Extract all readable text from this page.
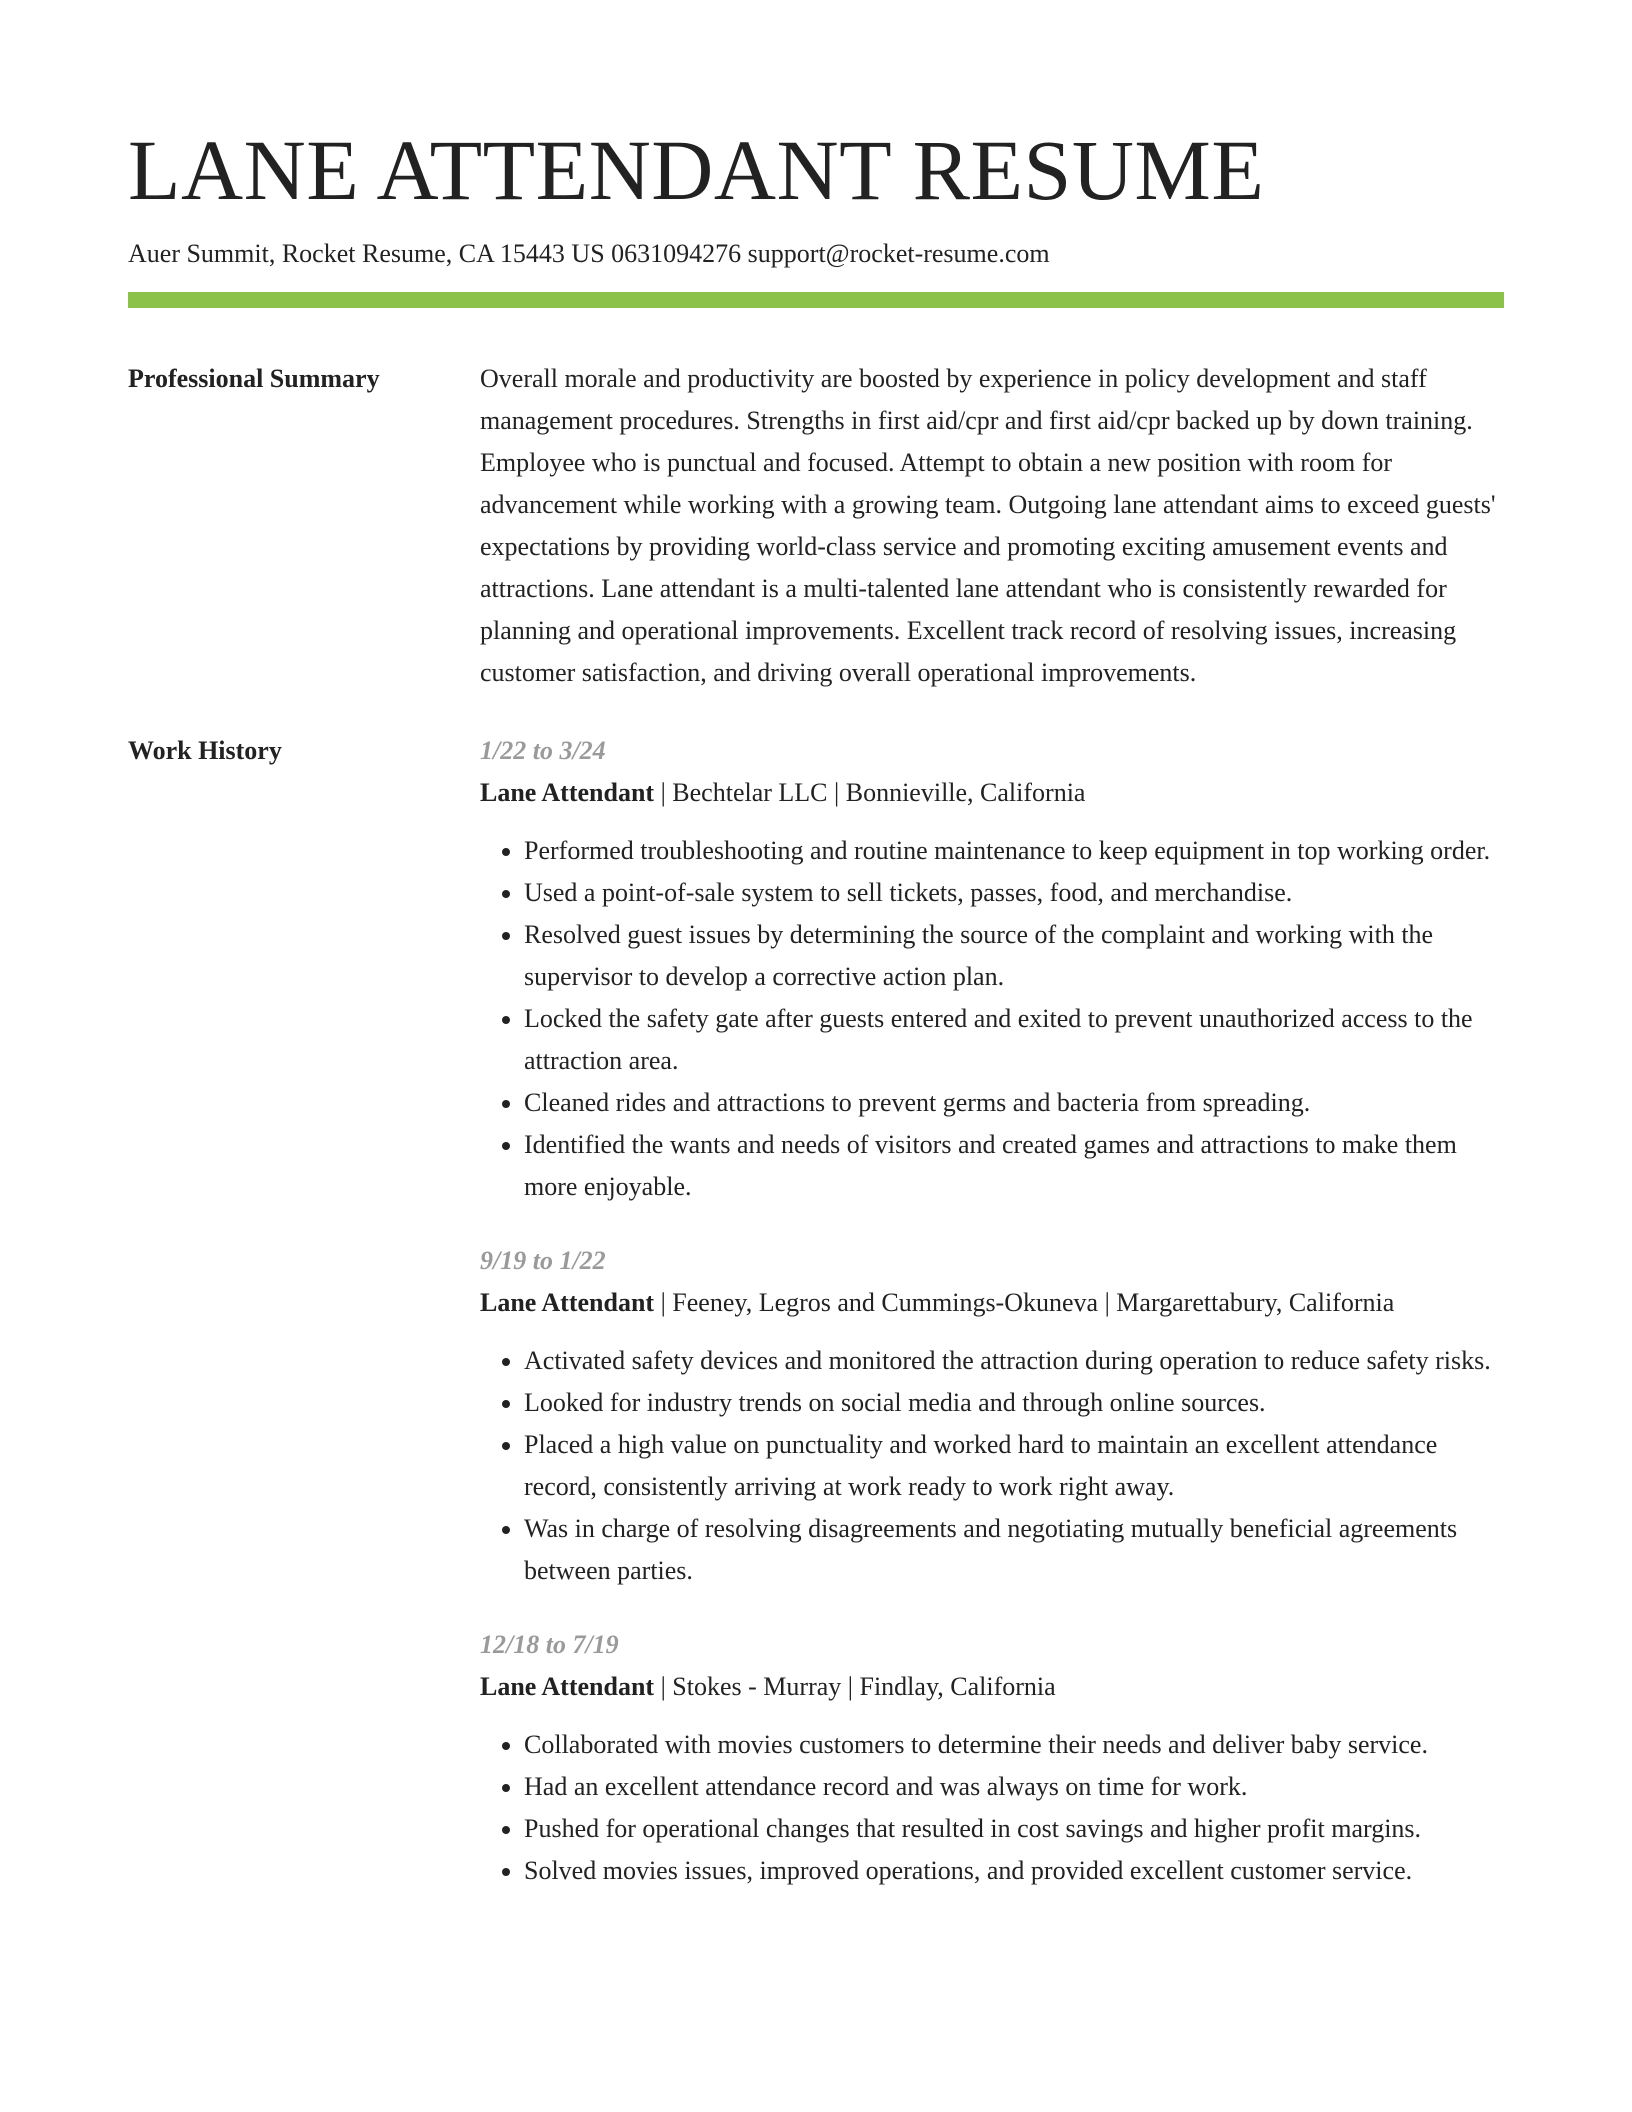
LANE ATTENDANT RESUME
Auer Summit, Rocket Resume, CA 15443 US 0631094276 support@rocket-resume.com
Professional Summary	Overall morale and productivity are boosted by experience in policy development and staff management procedures. Strengths in first aid/cpr and first aid/cpr backed up by down training. Employee who is punctual and focused. Attempt to obtain a new position with room for advancement while working with a growing team. Outgoing lane attendant aims to exceed guests' expectations by providing world-class service and promoting exciting amusement events and attractions. Lane attendant is a multi-talented lane attendant who is consistently rewarded for planning and operational improvements. Excellent track record of resolving issues, increasing customer satisfaction, and driving overall operational improvements.

Work History	1/22 to 3/24
Lane Attendant | Bechtelar LLC | Bonnieville, California
• Performed troubleshooting and routine maintenance to keep equipment in top working order.
• Used a point-of-sale system to sell tickets, passes, food, and merchandise.
• Resolved guest issues by determining the source of the complaint and working with the supervisor to develop a corrective action plan.
• Locked the safety gate after guests entered and exited to prevent unauthorized access to the attraction area.
• Cleaned rides and attractions to prevent germs and bacteria from spreading.
• Identified the wants and needs of visitors and created games and attractions to make them more enjoyable.
9/19 to 1/22
Lane Attendant | Feeney, Legros and Cummings-Okuneva | Margarettabury, California
• Activated safety devices and monitored the attraction during operation to reduce safety risks.
• Looked for industry trends on social media and through online sources.
• Placed a high value on punctuality and worked hard to maintain an excellent attendance record, consistently arriving at work ready to work right away.
• Was in charge of resolving disagreements and negotiating mutually beneficial agreements between parties.
12/18 to 7/19
Lane Attendant | Stokes - Murray | Findlay, California
• Collaborated with movies customers to determine their needs and deliver baby service.
• Had an excellent attendance record and was always on time for work.
• Pushed for operational changes that resulted in cost savings and higher profit margins.
• Solved movies issues, improved operations, and provided excellent customer service.
